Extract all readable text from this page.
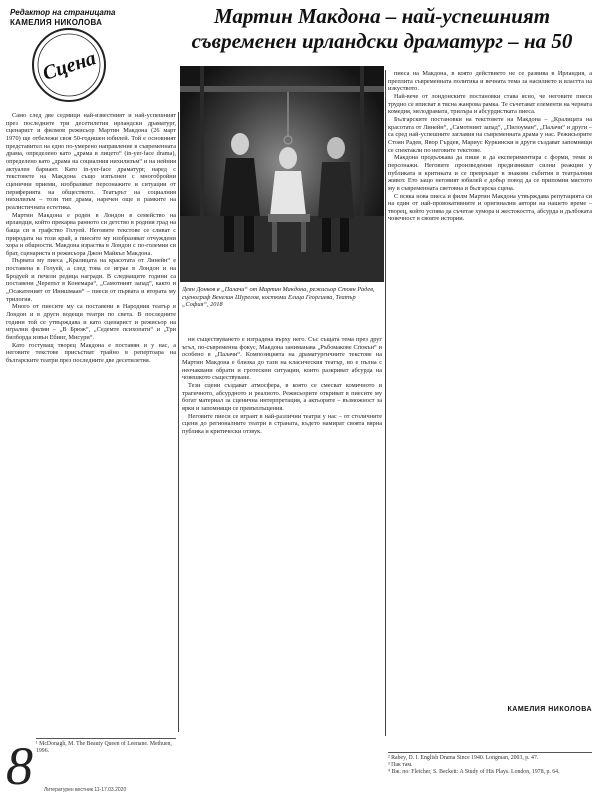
Редактор на страницата
КАМЕЛИЯ НИКОЛОВА	Мартин Макдона – най-успешният съвременен ирландски драматург – на 50
Сцена

Само след две седмици най-известният и най-успешният през последните три десетилетия ирландски драматург, сценарист и филмов режисьор Мартин Макдона (26 март 1970) ще отбележи своя 50-годишен юбилей. Той е основният представител на едно по-умерено направление в съвременната драма, определено като „драма в лицето“ (in-yer-face drama), определено като „драма на социалния нихилизъм“ и на нейния актуален бариант. Като in-yer-face драматург, наред с текстовете на Макдона също изпълнен с многобройни сценични приеми, изобразяват персонажите и ситуации от периферията на обществото. Театърът на социалния нихилизъм – този тип драма, наречен още в рамките на реалистичната естетика.

Мартин Макдона е роден в Лондон в семейство на ирландци, който прекарва ранното си детство в родния град на баща си в графство Голуей. Неговите текстове се сливат с природата на този край, а пиесите му изобразяват отчуждени хора и общности. Макдона израства в Лондон с по-големия си брат, сценариста и режисьора Джон Майкъл Макдона.

Първата му пиеса „Кралицата на красотата от Линейн“ е поставена в Голуей, а след това се играе в Лондон и на Бродуей и печели редица награди. В следващите години са поставени „Черепът в Конемара“, „Самотният запад“, както и „Осакатеният от Инишмаан“ – пиеси от първата и втората му трилогия.

Много от пиесите му са поставени в Народния театър в Лондон и в други водещи театри по света. В последните години той се утвърждава и като сценарист и режисьор на игрални филми – „В Брюж“, „Седемте психопати“ и „Три билборда извън Ебинг, Мисури“.

Като гостуващ творец Макдона е поставян и у нас, а неговите текстове присъстват трайно в репертоара на българските театри през последните две десетилетия.

Деян Донков в „Палачи“ от Мартин Макдона, режисьор Стоян Радев, сценограф Венелин Шурелов, костюми Елица Георгиева, Театър „София“, 2018

ни съществуването е изградена върху него. Със същата тема през друг ъгъл, по-съвременна фокус, Макдона заниманава „Ръбомакове Спокън“ и особено в „Палачи“. Композицията на драматургичните текстове на Мартин Макдона е близка до тази на класическия театър, но е пълна с неочаквани обрати и гротескни ситуации, които разкриват абсурда на човешкото съществуване.

Тези сцени създават атмосфера, в която се смесват комичното и трагичното, абсурдното и реалното. Режисьорите откриват в пиесите му богат материал за сценична интерпретация, а актьорите – възможност за ярки и запомнящи се превъплъщения.

Неговите пиеси се играят в най-различни театри у нас – от столичните сцени до регионалните театри в страната, където намират своята вярна публика и критически отзвук.

пиеса на Макдона, в която действието не се развива в Ирландия, а преплита съвременната политика и вечната тема за насилието и властта на изкуството.

Най-вече от лондонските постановки става ясно, че неговите пиеси трудно се вписват в тясна жанрова рамка. Те съчетават елементи на черната комедия, мелодрамата, трилъра и абсурдистката пиеса.

Българските постановки на текстовете на Макдона – „Кралицата на красотата от Линейн“, „Самотният запад“, „Пилоуман“, „Палачи“ и други – са сред най-успешните заглавия на съвременната драма у нас. Режисьорите Стоян Радев, Явор Гърдев, Мариус Куркински и други създават запомнящи се спектакли по неговите текстове.

Макдона продължава да пише и да експериментира с форми, теми и персонажи. Неговите произведения предизвикват силни реакции у публиката и критиката и се превръщат в знакови събития в театралния живот. Ето защо неговият юбилей е добър повод да се припомни мястото му в съвременната световна и българска сцена.

С всяка нова пиеса и филм Мартин Макдона утвърждава репутацията си на един от най-провокативните и оригинални автори на нашето време – творец, който успява да съчетае хумора и жестокостта, абсурда и дълбоката човечност в своите истории.

КАМЕЛИЯ НИКОЛОВА
¹ McDonagh, M. The Beauty Queen of Leenane. Methuen, 1996.
² Rabey, D. I. English Drama Since 1940. Longman, 2003, p. 47.
³ Пак там.
⁴ Вж. по: Fletcher, S. Beckett: A Study of His Plays. London, 1978, p. 64.
8 Литературен вестник 11-17.03.2020
